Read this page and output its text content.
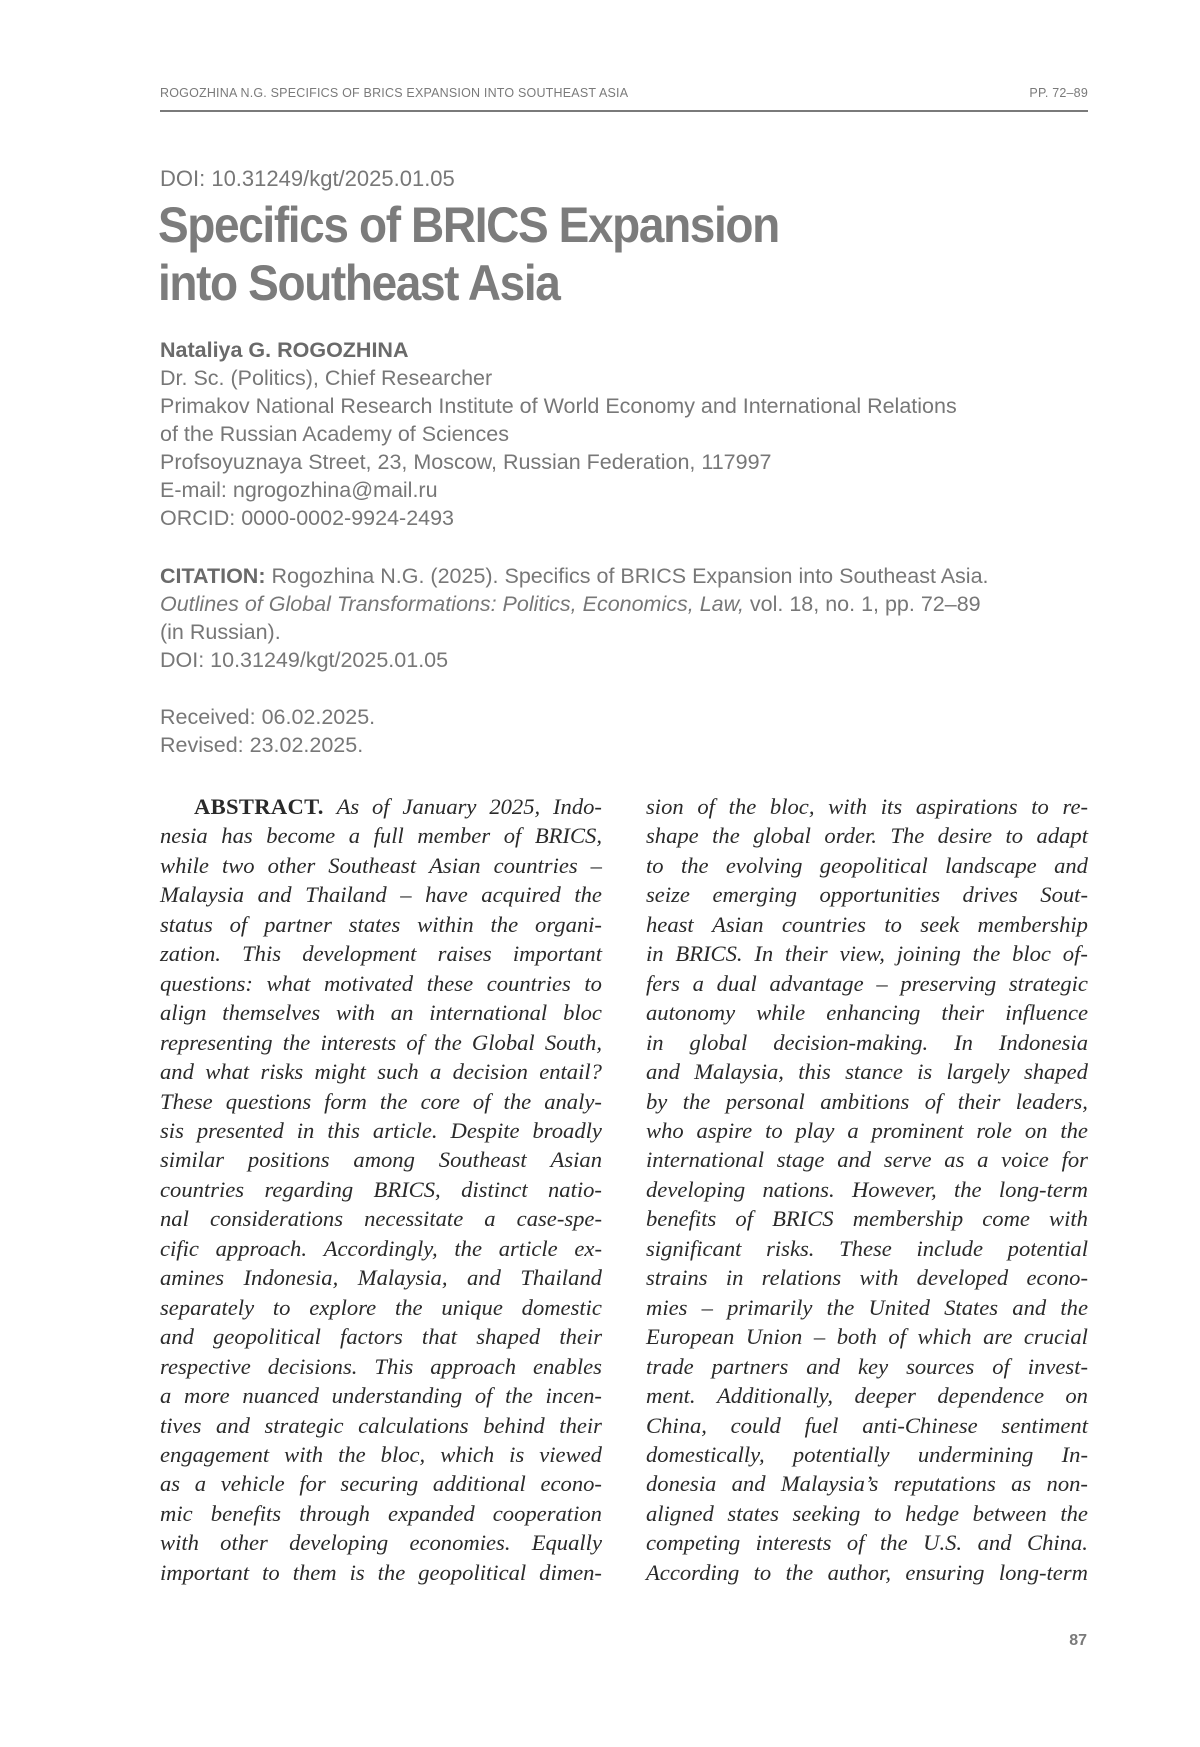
ROGOZHINA N.G. SPECIFICS OF BRICS EXPANSION INTO SOUTHEAST ASIA	PP. 72–89
DOI: 10.31249/kgt/2025.01.05
Specifics of BRICS Expansion
into Southeast Asia
Nataliya G. ROGOZHINA
Dr. Sc. (Politics), Chief Researcher
Primakov National Research Institute of World Economy and International Relations
of the Russian Academy of Sciences
Profsoyuznaya Street, 23, Moscow, Russian Federation, 117997
E-mail: ngrogozhina@mail.ru
ORCID: 0000-0002-9924-2493
CITATION: Rogozhina N.G. (2025). Specifics of BRICS Expansion into Southeast Asia.
Outlines of Global Transformations: Politics, Economics, Law, vol. 18, no. 1, pp. 72–89
(in Russian).
DOI: 10.31249/kgt/2025.01.05
Received: 06.02.2025.
Revised: 23.02.2025.
ABSTRACT. As of January 2025, Indo-
nesia has become a full member of BRICS,
while two other Southeast Asian countries –
Malaysia and Thailand – have acquired the
status of partner states within the organi-
zation. This development raises important
questions: what motivated these countries to
align themselves with an international bloc
representing the interests of the Global South,
and what risks might such a decision entail?
These questions form the core of the analy-
sis presented in this article. Despite broadly
similar positions among Southeast Asian
countries regarding BRICS, distinct natio-
nal considerations necessitate a case-spe-
cific approach. Accordingly, the article ex-
amines Indonesia, Malaysia, and Thailand
separately to explore the unique domestic
and geopolitical factors that shaped their
respective decisions. This approach enables
a more nuanced understanding of the incen-
tives and strategic calculations behind their
engagement with the bloc, which is viewed
as a vehicle for securing additional econo-
mic benefits through expanded cooperation
with other developing economies. Equally
important to them is the geopolitical dimen-
sion of the bloc, with its aspirations to re-
shape the global order. The desire to adapt
to the evolving geopolitical landscape and
seize emerging opportunities drives Sout-
heast Asian countries to seek membership
in BRICS. In their view, joining the bloc of-
fers a dual advantage – preserving strategic
autonomy while enhancing their influence
in global decision-making. In Indonesia
and Malaysia, this stance is largely shaped
by the personal ambitions of their leaders,
who aspire to play a prominent role on the
international stage and serve as a voice for
developing nations. However, the long-term
benefits of BRICS membership come with
significant risks. These include potential
strains in relations with developed econo-
mies – primarily the United States and the
European Union – both of which are crucial
trade partners and key sources of invest-
ment. Additionally, deeper dependence on
China, could fuel anti-Chinese sentiment
domestically, potentially undermining In-
donesia and Malaysia’s reputations as non-
aligned states seeking to hedge between the
competing interests of the U.S. and China.
According to the author, ensuring long-term
87
